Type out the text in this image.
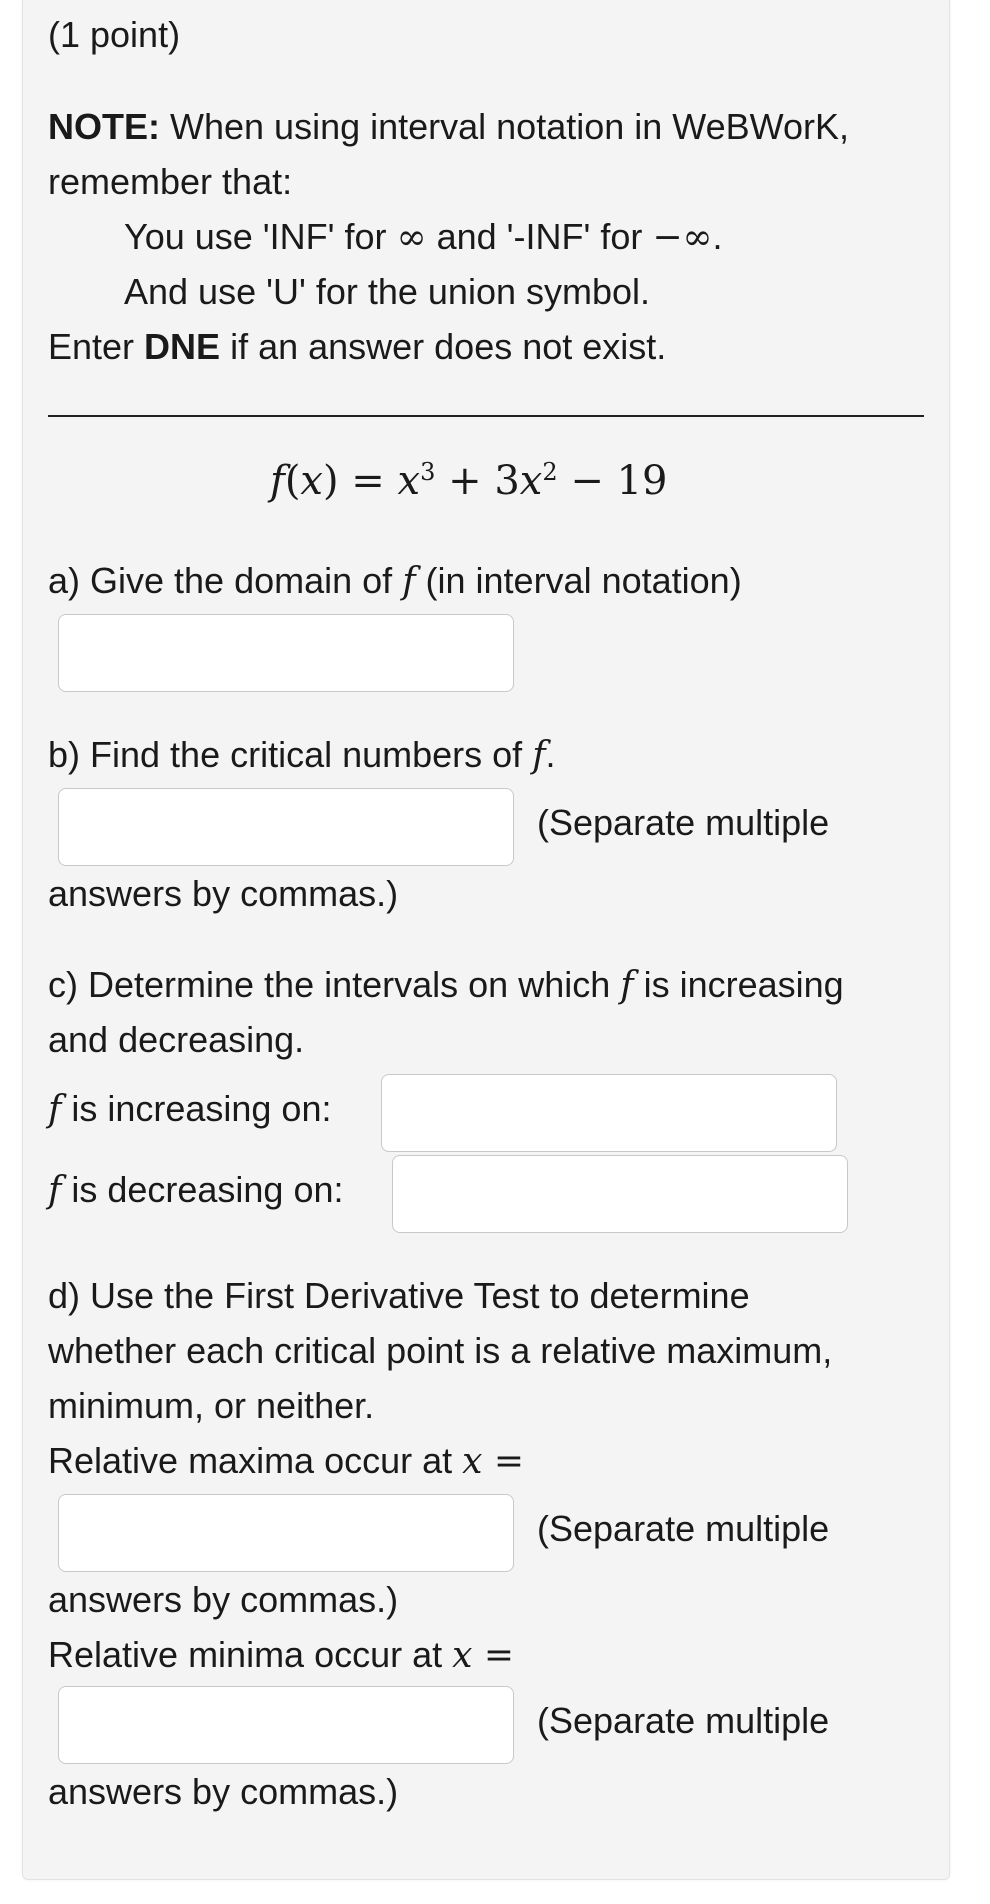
(1 point)
NOTE: When using interval notation in WeBWorK,
remember that:
You use 'INF' for ∞ and '-INF' for −∞.
And use 'U' for the union symbol.
Enter DNE if an answer does not exist.
$f(x) = x^3 + 3x^2 - 19$
a) Give the domain of f (in interval notation)
b) Find the critical numbers of f.
(Separate multiple
answers by commas.)
c) Determine the intervals on which f is increasing
and decreasing.
f is increasing on:
f is decreasing on:
d) Use the First Derivative Test to determine
whether each critical point is a relative maximum,
minimum, or neither.
Relative maxima occur at x =
(Separate multiple
answers by commas.)
Relative minima occur at x =
(Separate multiple
answers by commas.)
